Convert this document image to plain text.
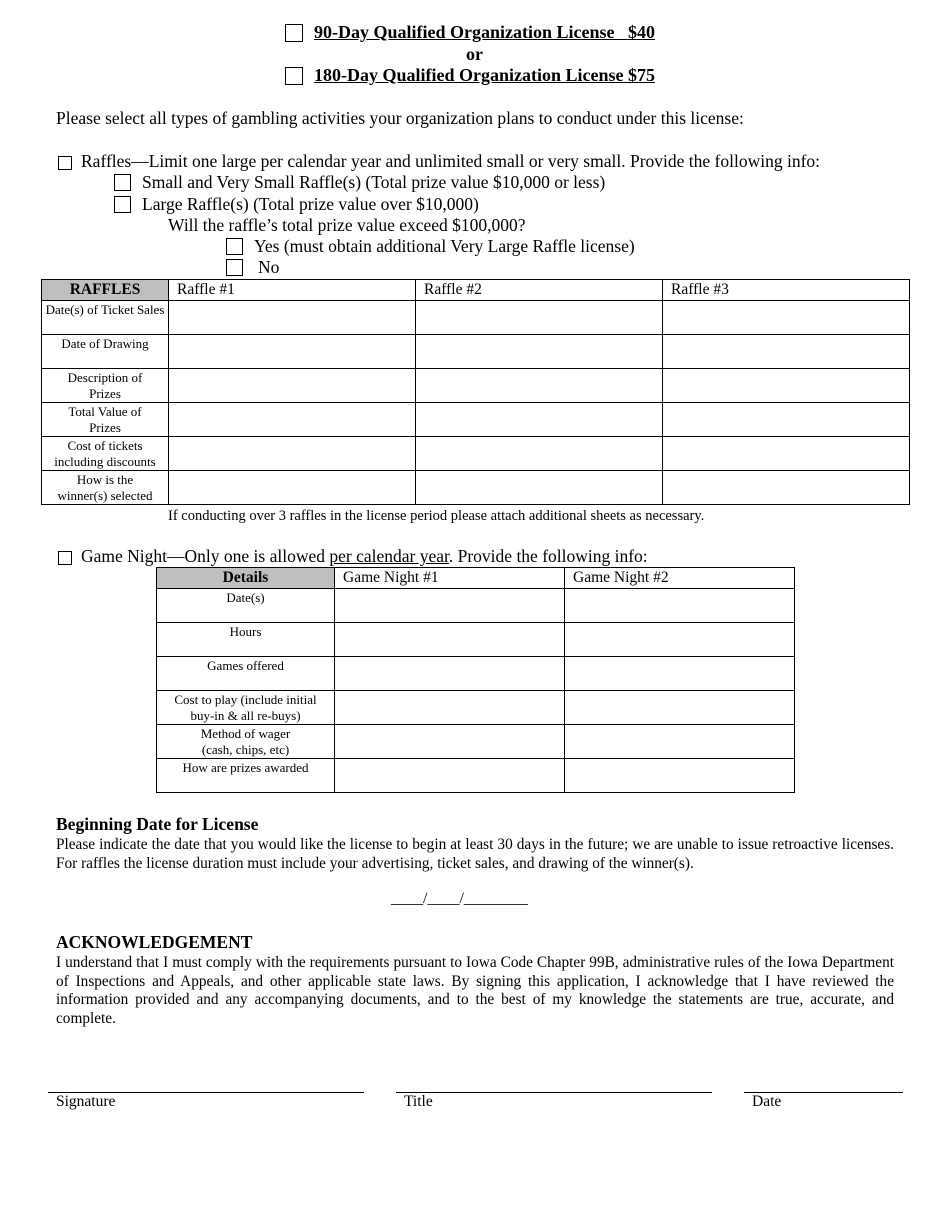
90-Day Qualified Organization License   $40
or
180-Day Qualified Organization License $75
Please select all types of gambling activities your organization plans to conduct under this license:
Raffles—Limit one large per calendar year and unlimited small or very small. Provide the following info:
Small and Very Small Raffle(s) (Total prize value $10,000 or less)
Large Raffle(s) (Total prize value over $10,000)
Will the raffle’s total prize value exceed $100,000?
Yes (must obtain additional Very Large Raffle license)
No
RAFFLES	Raffle #1	Raffle #2	Raffle #3
Date(s) of Ticket Sales			
Date of Drawing			
Description of Prizes			
Total Value of Prizes			
Cost of tickets including discounts			
How is the winner(s) selected			
If conducting over 3 raffles in the license period please attach additional sheets as necessary.
Game Night—Only one is allowed per calendar year. Provide the following info:
Details	Game Night #1	Game Night #2
Date(s)		
Hours		
Games offered		
Cost to play (include initial buy-in & all re-buys)		
Method of wager (cash, chips, etc)		
How are prizes awarded		
Beginning Date for License
Please indicate the date that you would like the license to begin at least 30 days in the future; we are unable to issue retroactive licenses. For raffles the license duration must include your advertising, ticket sales, and drawing of the winner(s).
____/____/________
ACKNOWLEDGEMENT
I understand that I must comply with the requirements pursuant to Iowa Code Chapter 99B, administrative rules of the Iowa Department of Inspections and Appeals, and other applicable state laws. By signing this application, I acknowledge that I have reviewed the information provided and any accompanying documents, and to the best of my knowledge the statements are true, accurate, and complete.
Signature	Title	Date
